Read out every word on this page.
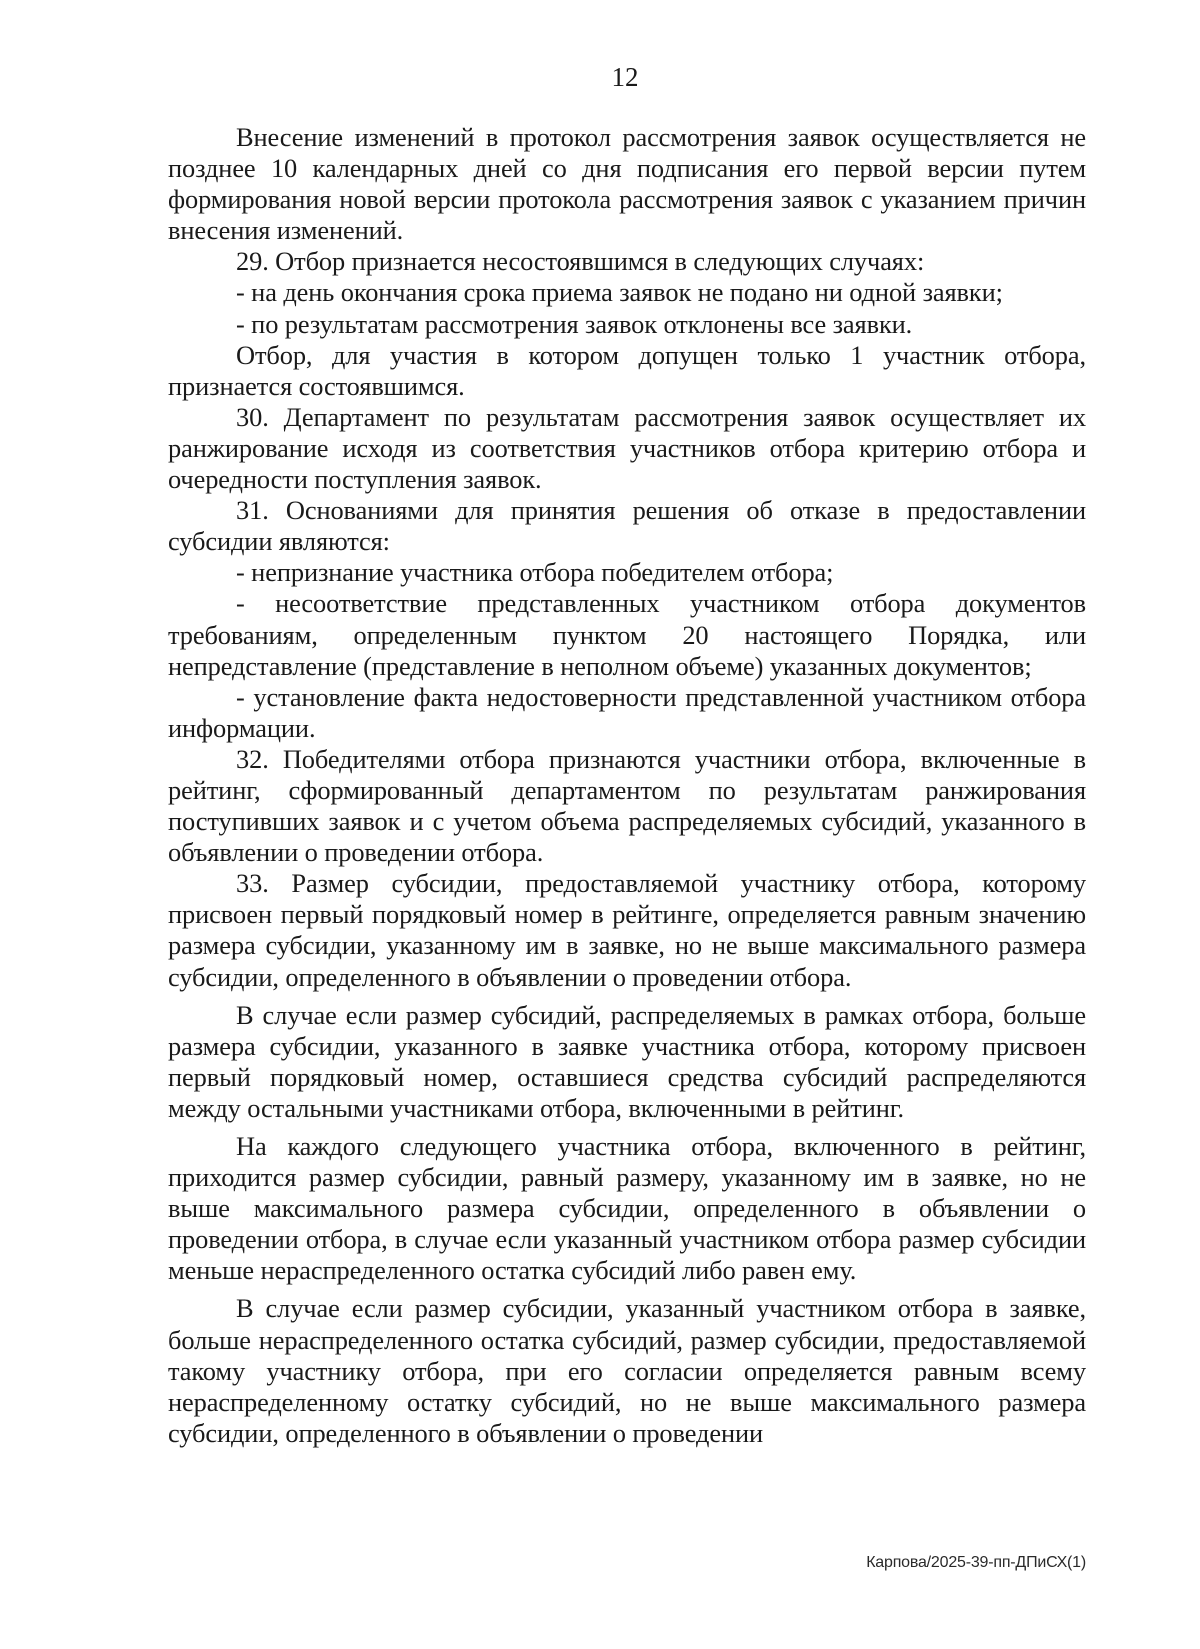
12

Внесение изменений в протокол рассмотрения заявок осуществляется не позднее 10 календарных дней со дня подписания его первой версии путем формирования новой версии протокола рассмотрения заявок с указанием причин внесения изменений.

29. Отбор признается несостоявшимся в следующих случаях:

- на день окончания срока приема заявок не подано ни одной заявки;

- по результатам рассмотрения заявок отклонены все заявки.

Отбор, для участия в котором допущен только 1 участник отбора, признается состоявшимся.

30. Департамент по результатам рассмотрения заявок осуществляет их ранжирование исходя из соответствия участников отбора критерию отбора и очередности поступления заявок.

31. Основаниями для принятия решения об отказе в предоставлении субсидии являются:

- непризнание участника отбора победителем отбора;

- несоответствие представленных участником отбора документов требованиям, определенным пунктом 20 настоящего Порядка, или непредставление (представление в неполном объеме) указанных документов;

- установление факта недостоверности представленной участником отбора информации.

32. Победителями отбора признаются участники отбора, включенные в рейтинг, сформированный департаментом по результатам ранжирования поступивших заявок и с учетом объема распределяемых субсидий, указанного в объявлении о проведении отбора.

33. Размер субсидии, предоставляемой участнику отбора, которому присвоен первый порядковый номер в рейтинге, определяется равным значению размера субсидии, указанному им в заявке, но не выше максимального размера субсидии, определенного в объявлении о проведении отбора.

В случае если размер субсидий, распределяемых в рамках отбора, больше размера субсидии, указанного в заявке участника отбора, которому присвоен первый порядковый номер, оставшиеся средства субсидий распределяются между остальными участниками отбора, включенными в рейтинг.

На каждого следующего участника отбора, включенного в рейтинг, приходится размер субсидии, равный размеру, указанному им в заявке, но не выше максимального размера субсидии, определенного в объявлении о проведении отбора, в случае если указанный участником отбора размер субсидии меньше нераспределенного остатка субсидий либо равен ему.

В случае если размер субсидии, указанный участником отбора в заявке, больше нераспределенного остатка субсидий, размер субсидии, предоставляемой такому участнику отбора, при его согласии определяется равным всему нераспределенному остатку субсидий, но не выше максимального размера субсидии, определенного в объявлении о проведении

Карпова/2025-39-пп-ДПиСХ(1)
